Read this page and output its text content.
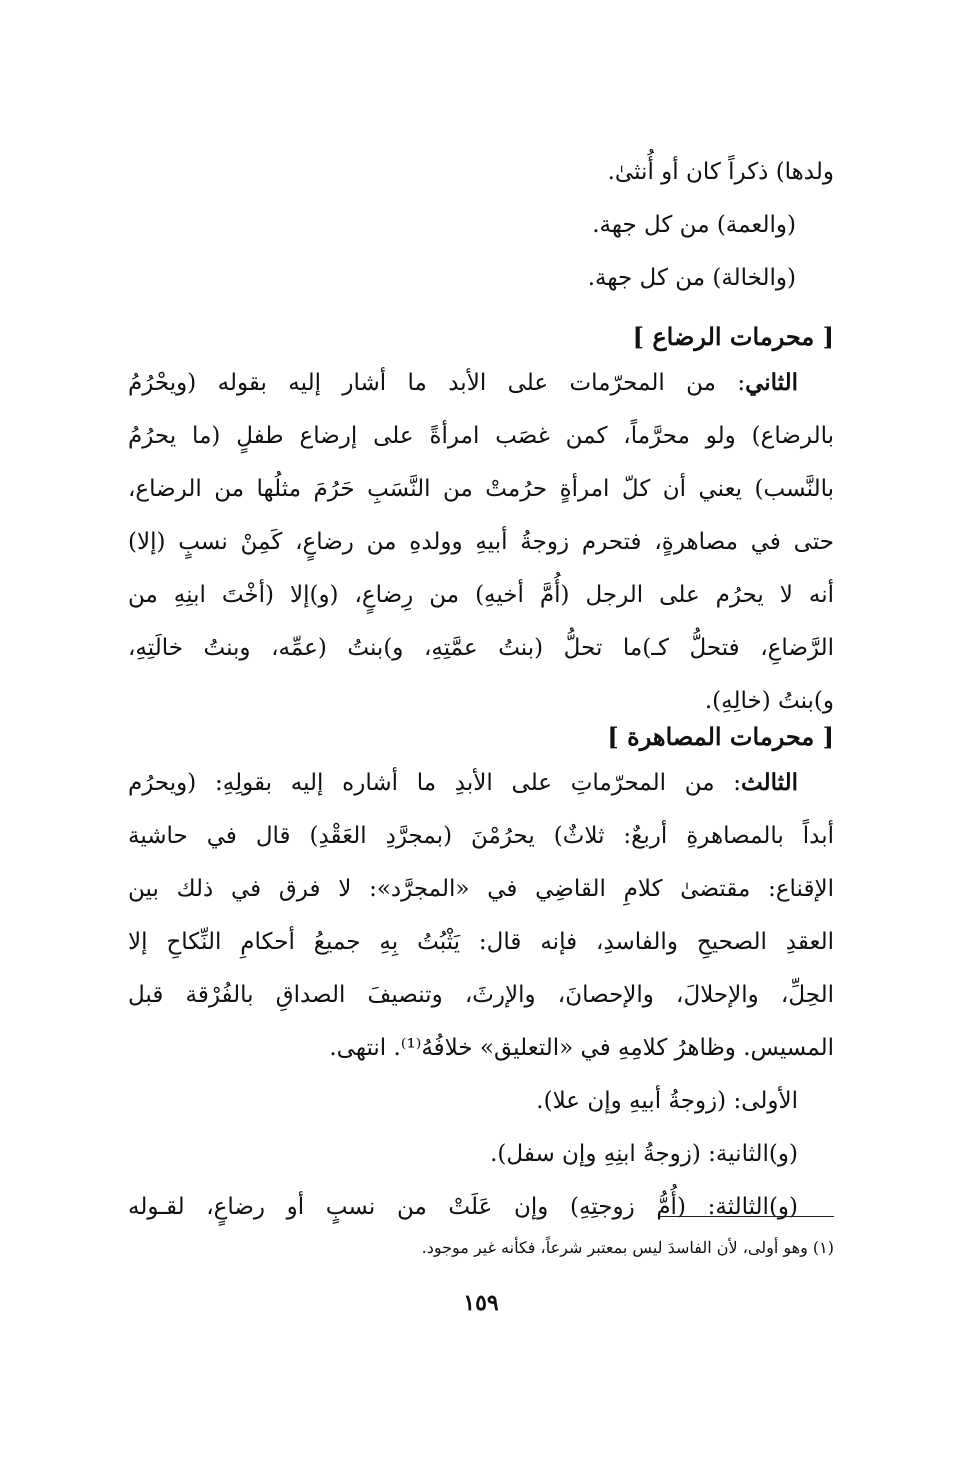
ولدها) ذكراً كان أو أُنثىٰ.
(والعمة) من كل جهة.
(والخالة) من كل جهة.
[ محرمات الرضاع ]
الثاني: من المحرّمات على الأبد ما أشار إليه بقوله (ويحْرُمُ
بالرضاع) ولو محرَّماً، كمن غصَب امرأةً على إرضاع طفلٍ (ما يحرُمُ
بالنَّسب) يعني أن كلّ امرأةٍ حرُمتْ من النَّسَبِ حَرُمَ مثلُها من الرضاع،
حتى في مصاهرةٍ، فتحرم زوجةُ أبيهِ وولدهِ من رضاعٍ، كَمِنْ نسبٍ (إلا)
أنه لا يحرُم على الرجل (أُمَّ أخيهِ) من رِضاعٍ، (و)إلا (أخْتَ ابنِهِ من
الرَّضاعِ، فتحلُّ كـ)ما تحلُّ (بنتُ عمَّتِهِ، و)بنتُ (عمِّه، وبنتُ خالَتِهِ،
و)بنتُ (خالِهِ).
[ محرمات المصاهرة ]
الثالث: من المحرّماتِ على الأبدِ ما أشاره إليه بقولِهِ: (ويحرُم
أبداً بالمصاهرةِ أربعٌ: ثلاثٌ) يحرُمْنَ (بمجرَّدِ العَقْدِ) قال في حاشية
الإقناع: مقتضىٰ كلامِ القاضِي في «المجرَّد»: لا فرق في ذلك بين
العقدِ الصحيحِ والفاسدِ، فإنه قال: يَثْبُتُ بِهِ جميعُ أحكامِ النِّكاحِ إلا
الحِلِّ، والإحلالَ، والإحصانَ، والإرثَ، وتنصيفَ الصداقِ بالفُرْقة قبل
المسيس. وظاهرُ كلامِهِ في «التعليق» خلافُهُ⁽¹⁾. انتهى.
الأولى: (زوجةُ أبيهِ وإن علا).
(و)الثانية: (زوجةُ ابنِهِ وإن سفل).
(و)الثالثة: (أُمُّ زوجتِهِ) وإن عَلَتْ من نسبٍ أو رضاعٍ، لقـوله
(١) وهو أولى، لأن الفاسدَ ليس بمعتبر شرعاً، فكأنه غير موجود.
١٥٩
